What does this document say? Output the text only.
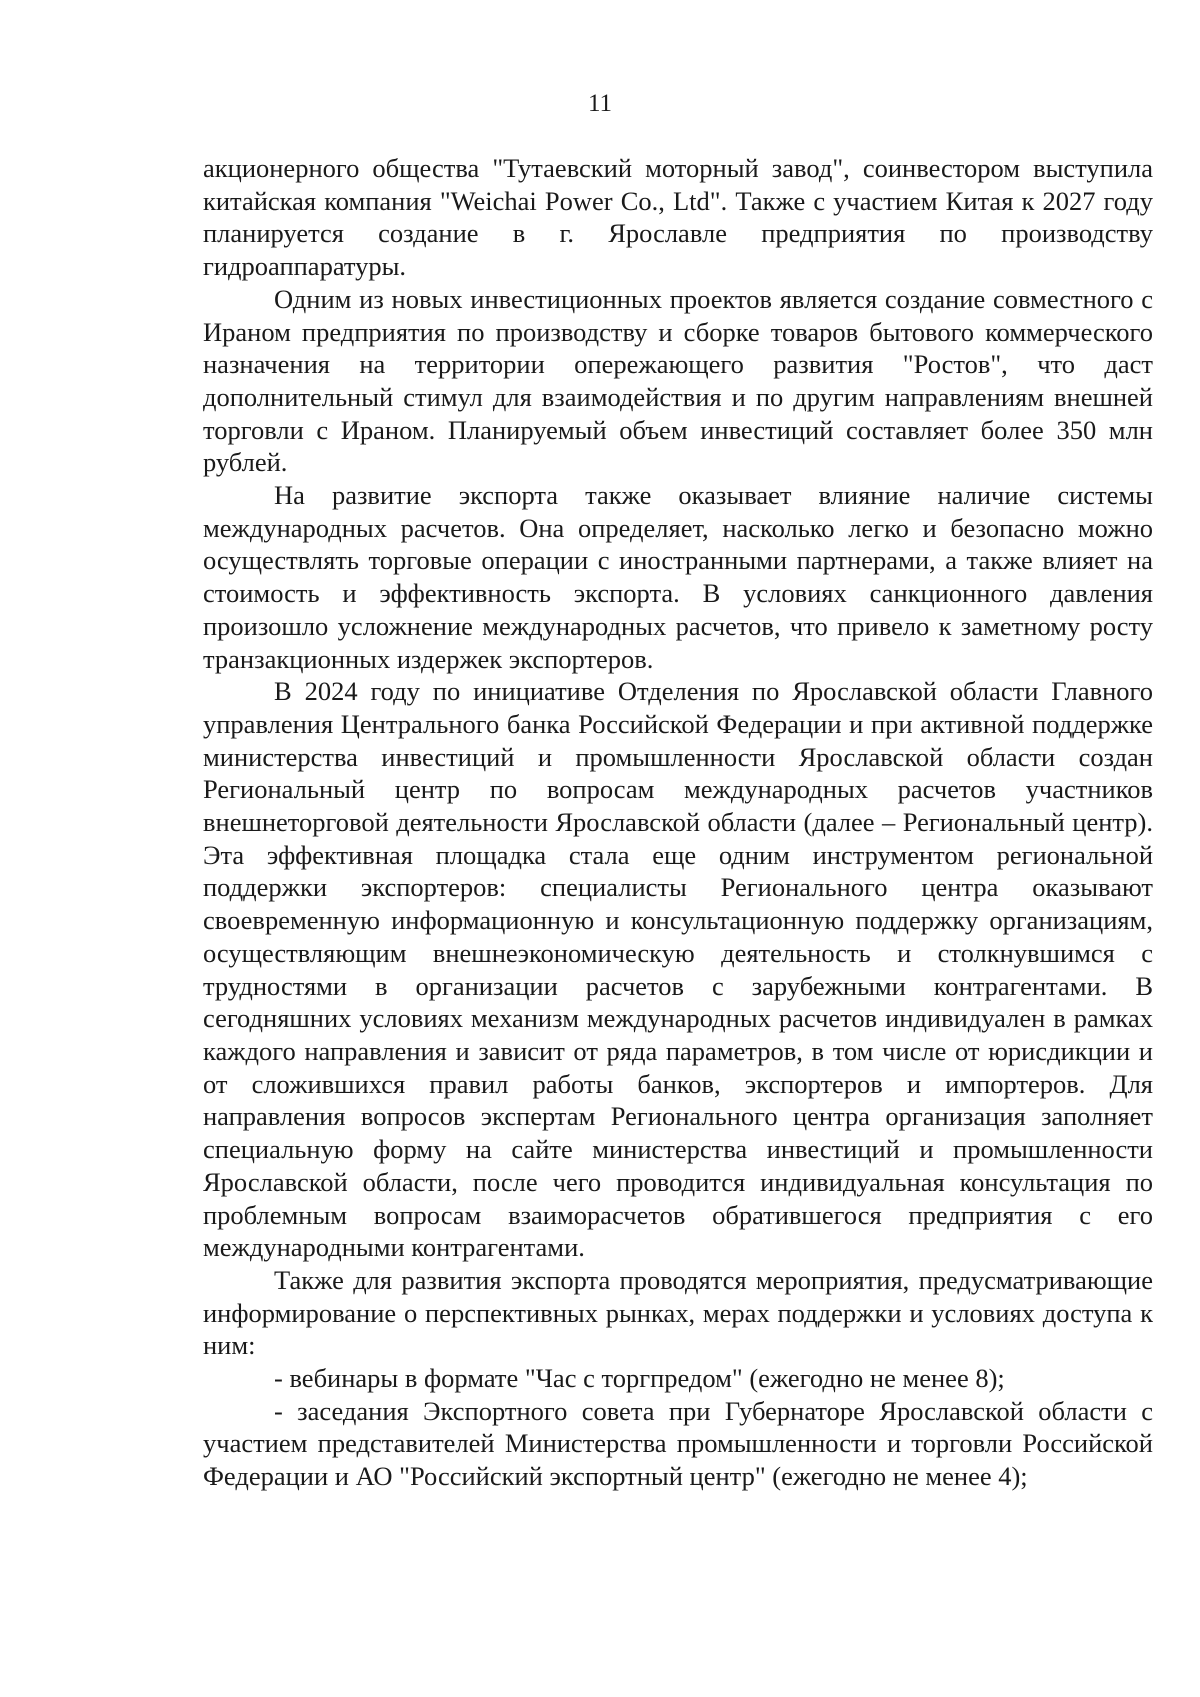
11

акционерного общества "Тутаевский моторный завод", соинвестором выступила китайская компания "Weichai Power Co., Ltd". Также с участием Китая к 2027 году планируется создание в г. Ярославле предприятия по производству гидроаппаратуры.

Одним из новых инвестиционных проектов является создание совместного с Ираном предприятия по производству и сборке товаров бытового коммерческого назначения на территории опережающего развития "Ростов", что даст дополнительный стимул для взаимодействия и по другим направлениям внешней торговли с Ираном. Планируемый объем инвестиций составляет более 350 млн рублей.

На развитие экспорта также оказывает влияние наличие системы международных расчетов. Она определяет, насколько легко и безопасно можно осуществлять торговые операции с иностранными партнерами, а также влияет на стоимость и эффективность экспорта. В условиях санкционного давления произошло усложнение международных расчетов, что привело к заметному росту транзакционных издержек экспортеров.

В 2024 году по инициативе Отделения по Ярославской области Главного управления Центрального банка Российской Федерации и при активной поддержке министерства инвестиций и промышленности Ярославской области создан Региональный центр по вопросам международных расчетов участников внешнеторговой деятельности Ярославской области (далее – Региональный центр). Эта эффективная площадка стала еще одним инструментом региональной поддержки экспортеров: специалисты Регионального центра оказывают своевременную информационную и консультационную поддержку организациям, осуществляющим внешнеэкономическую деятельность и столкнувшимся с трудностями в организации расчетов с зарубежными контрагентами. В сегодняшних условиях механизм международных расчетов индивидуален в рамках каждого направления и зависит от ряда параметров, в том числе от юрисдикции и от сложившихся правил работы банков, экспортеров и импортеров. Для направления вопросов экспертам Регионального центра организация заполняет специальную форму на сайте министерства инвестиций и промышленности Ярославской области, после чего проводится индивидуальная консультация по проблемным вопросам взаиморасчетов обратившегося предприятия с его международными контрагентами.

Также для развития экспорта проводятся мероприятия, предусматривающие информирование о перспективных рынках, мерах поддержки и условиях доступа к ним:

- вебинары в формате "Час с торгпредом" (ежегодно не менее 8);

- заседания Экспортного совета при Губернаторе Ярославской области с участием представителей Министерства промышленности и торговли Российской Федерации и АО "Российский экспортный центр" (ежегодно не менее 4);
